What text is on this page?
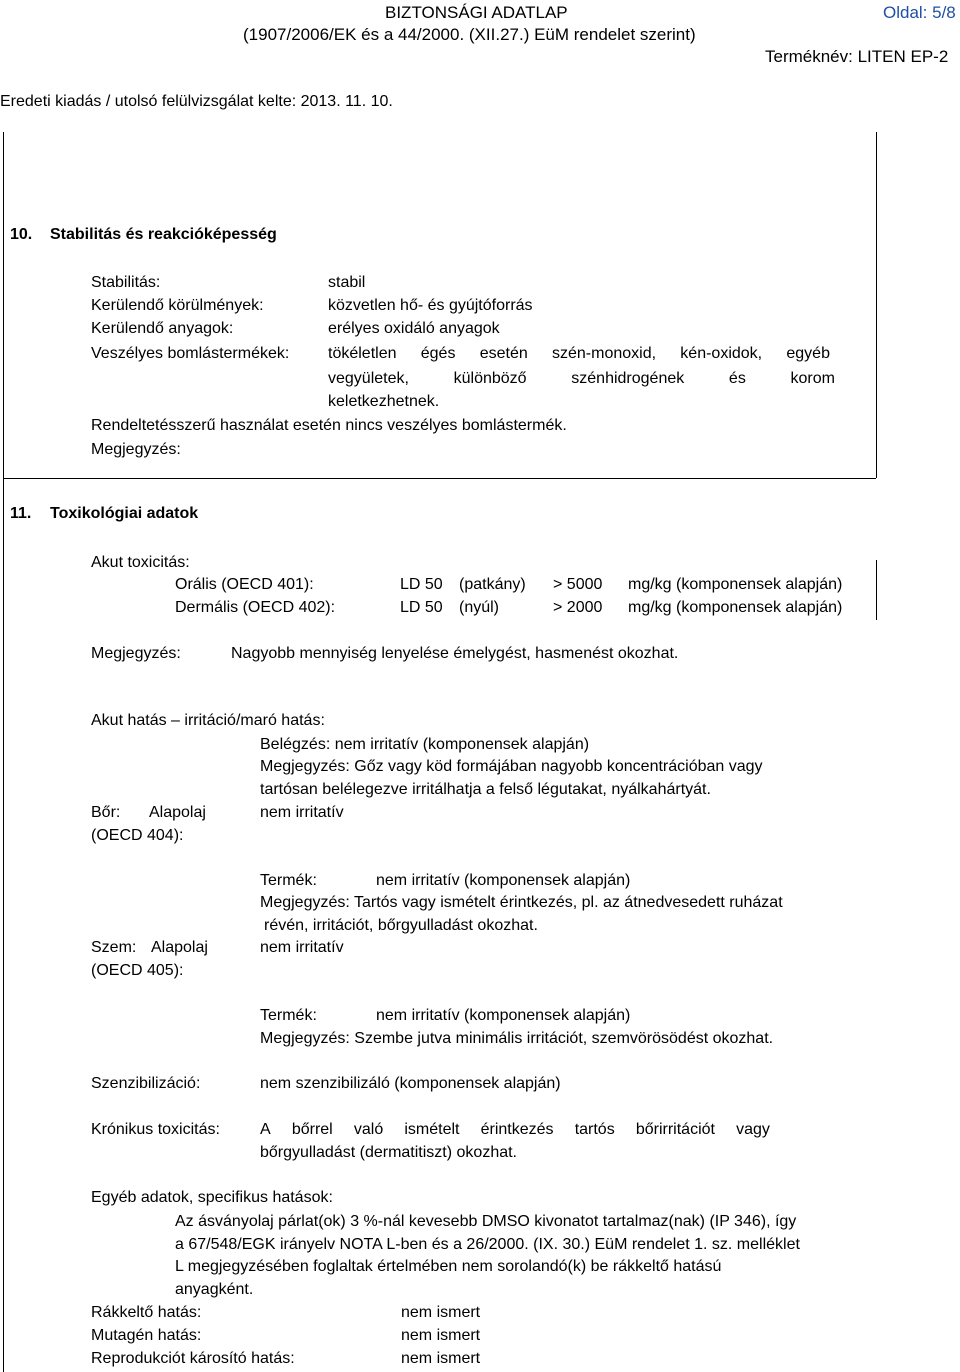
BIZTONSÁGI ADATLAP	Oldal: 5/8
(1907/2006/EK és a 44/2000. (XII.27.) EüM rendelet szerint)
Terméknév: LITEN EP-2
Eredeti kiadás / utolsó felülvizsgálat kelte: 2013. 11. 10.
10. Stabilitás és reakcióképesség
Stabilitás:	stabil
Kerülendő körülmények:	közvetlen hő- és gyújtóforrás
Kerülendő anyagok:	erélyes oxidáló anyagok
Veszélyes bomlástermékek: tökéletlen égés esetén szén-monoxid, kén-oxidok, egyéb
vegyületek,	különböző	szénhidrogének	és	korom
keletkezhetnek.
Rendeltetésszerű használat esetén nincs veszélyes bomlástermék.
Megjegyzés:
11. Toxikológiai adatok
Akut toxicitás:
Orális (OECD 401):	LD 50 (patkány) > 5000 mg/kg (komponensek alapján)
Dermális (OECD 402):	LD 50 (nyúl)	> 2000 mg/kg (komponensek alapján)
Megjegyzés:	Nagyobb mennyiség lenyelése émelygést, hasmenést okozhat.
Akut hatás – irritáció/maró hatás:
Belégzés: nem irritatív (komponensek alapján)
Megjegyzés: Gőz vagy köd formájában nagyobb koncentrációban vagy
tartósan belélegezve irritálhatja a felső légutakat, nyálkahártyát.
Bőr: Alapolaj
(OECD 404):
nem irritatív
Termék:	nem irritatív (komponensek alapján)
Megjegyzés: Tartós vagy ismételt érintkezés, pl. az átnedvesedett ruházat
révén, irritációt, bőrgyulladást okozhat.
Szem: Alapolaj
(OECD 405):
nem irritatív
Termék:	nem irritatív (komponensek alapján)
Megjegyzés: Szembe jutva minimális irritációt, szemvörösödést okozhat.
Szenzibilizáció:	nem szenzibilizáló (komponensek alapján)
Krónikus toxicitás:	A bőrrel való ismételt érintkezés tartós bőrirritációt vagy
bőrgyulladást (dermatitiszt) okozhat.
Egyéb adatok, specifikus hatások:
Az ásványolaj párlat(ok) 3 %-nál kevesebb DMSO kivonatot tartalmaz(nak) (IP 346), így
a 67/548/EGK irányelv NOTA L-ben és a 26/2000. (IX. 30.) EüM rendelet 1. sz. melléklet
L megjegyzésében foglaltak értelmében nem sorolandó(k) be rákkeltő hatású
anyagként.
Rákkeltő hatás:	nem ismert
Mutagén hatás:	nem ismert
Reprodukciót károsító hatás:	nem ismert
